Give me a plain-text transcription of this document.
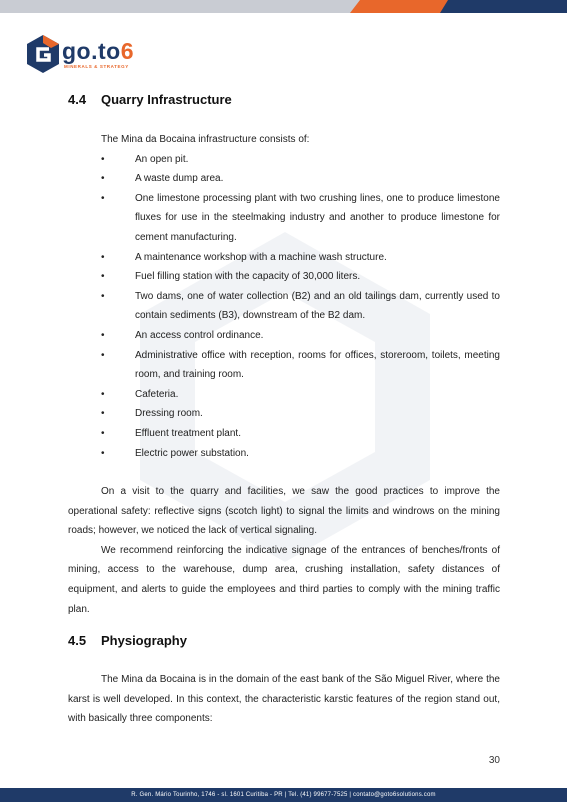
go.to6
MINERALS & STRATEGY
4.4 Quarry Infrastructure

The Mina da Bocaina infrastructure consists of:

•	An open pit.
•	A waste dump area.
•	One limestone processing plant with two crushing lines, one to produce limestone fluxes for use in the steelmaking industry and another to produce limestone for cement manufacturing.
•	A maintenance workshop with a machine wash structure.
•	Fuel filling station with the capacity of 30,000 liters.
•	Two dams, one of water collection (B2) and an old tailings dam, currently used to contain sediments (B3), downstream of the B2 dam.
•	An access control ordinance.
•	Administrative office with reception, rooms for offices, storeroom, toilets, meeting room, and training room.
•	Cafeteria.
•	Dressing room.
•	Effluent treatment plant.
•	Electric power substation.

On a visit to the quarry and facilities, we saw the good practices to improve the operational safety: reflective signs (scotch light) to signal the limits and windrows on the mining roads; however, we noticed the lack of vertical signaling.

We recommend reinforcing the indicative signage of the entrances of benches/fronts of mining, access to the warehouse, dump area, crushing installation, safety distances of equipment, and alerts to guide the employees and third parties to comply with the mining traffic plan.

4.5 Physiography

The Mina da Bocaina is in the domain of the east bank of the São Miguel River, where the karst is well developed. In this context, the characteristic karstic features of the region stand out, with basically three components:

30
R. Gen. Mário Tourinho, 1746 - sl. 1601 Curitiba - PR | Tel. (41) 99677-7525 | contato@goto6solutions.com
